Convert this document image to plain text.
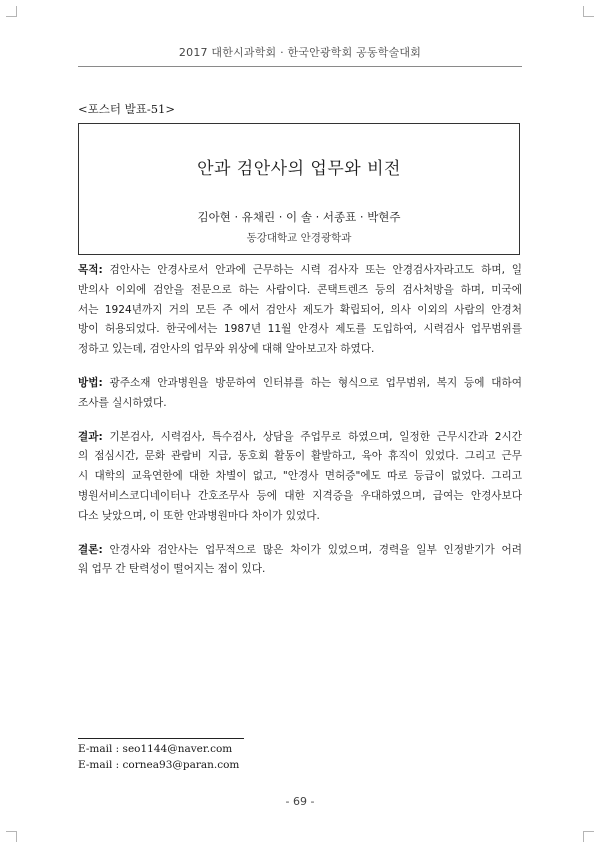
2017 대한시과학회 · 한국안광학회 공동학술대회
<포스터 발표-51>
안과 검안사의 업무와 비전
김아현 · 유채린 · 이 솔 · 서종표 · 박현주
동강대학교 안경광학과

목적: 검안사는 안경사로서 안과에 근무하는 시력 검사자 또는 안경검사자라고도 하며, 일
반의사 이외에 검안을 전문으로 하는 사람이다. 콘택트렌즈 등의 검사처방을 하며, 미국에
서는 1924년까지 거의 모든 주 에서 검안사 제도가 확립되어, 의사 이외의 사람의 안경처
방이 허용되었다. 한국에서는 1987년 11월 안경사 제도를 도입하여, 시력검사 업무범위를
정하고 있는데, 검안사의 업무와 위상에 대해 알아보고자 하였다.

방법: 광주소재 안과병원을 방문하여 인터뷰를 하는 형식으로 업무범위, 복지 등에 대하여
조사를 실시하였다.

결과: 기본검사, 시력검사, 특수검사, 상담을 주업무로 하였으며, 일정한 근무시간과 2시간
의 점심시간, 문화 관람비 지급, 동호회 활동이 활발하고, 육아 휴직이 있었다. 그리고 근무
시 대학의 교육연한에 대한 차별이 없고, "안경사 면허증"에도 따로 등급이 없었다. 그리고
병원서비스코디네이터나 간호조무사 등에 대한 지격증을 우대하였으며, 급여는 안경사보다
다소 낮았으며, 이 또한 안과병원마다 차이가 있었다.

결론: 안경사와 검안사는 업무적으로 많은 차이가 있었으며, 경력을 일부 인정받기가 어려
워 업무 간 탄력성이 떨어지는 점이 있다.

E-mail : seo1144@naver.com
E-mail : cornea93@paran.com
- 69 -
